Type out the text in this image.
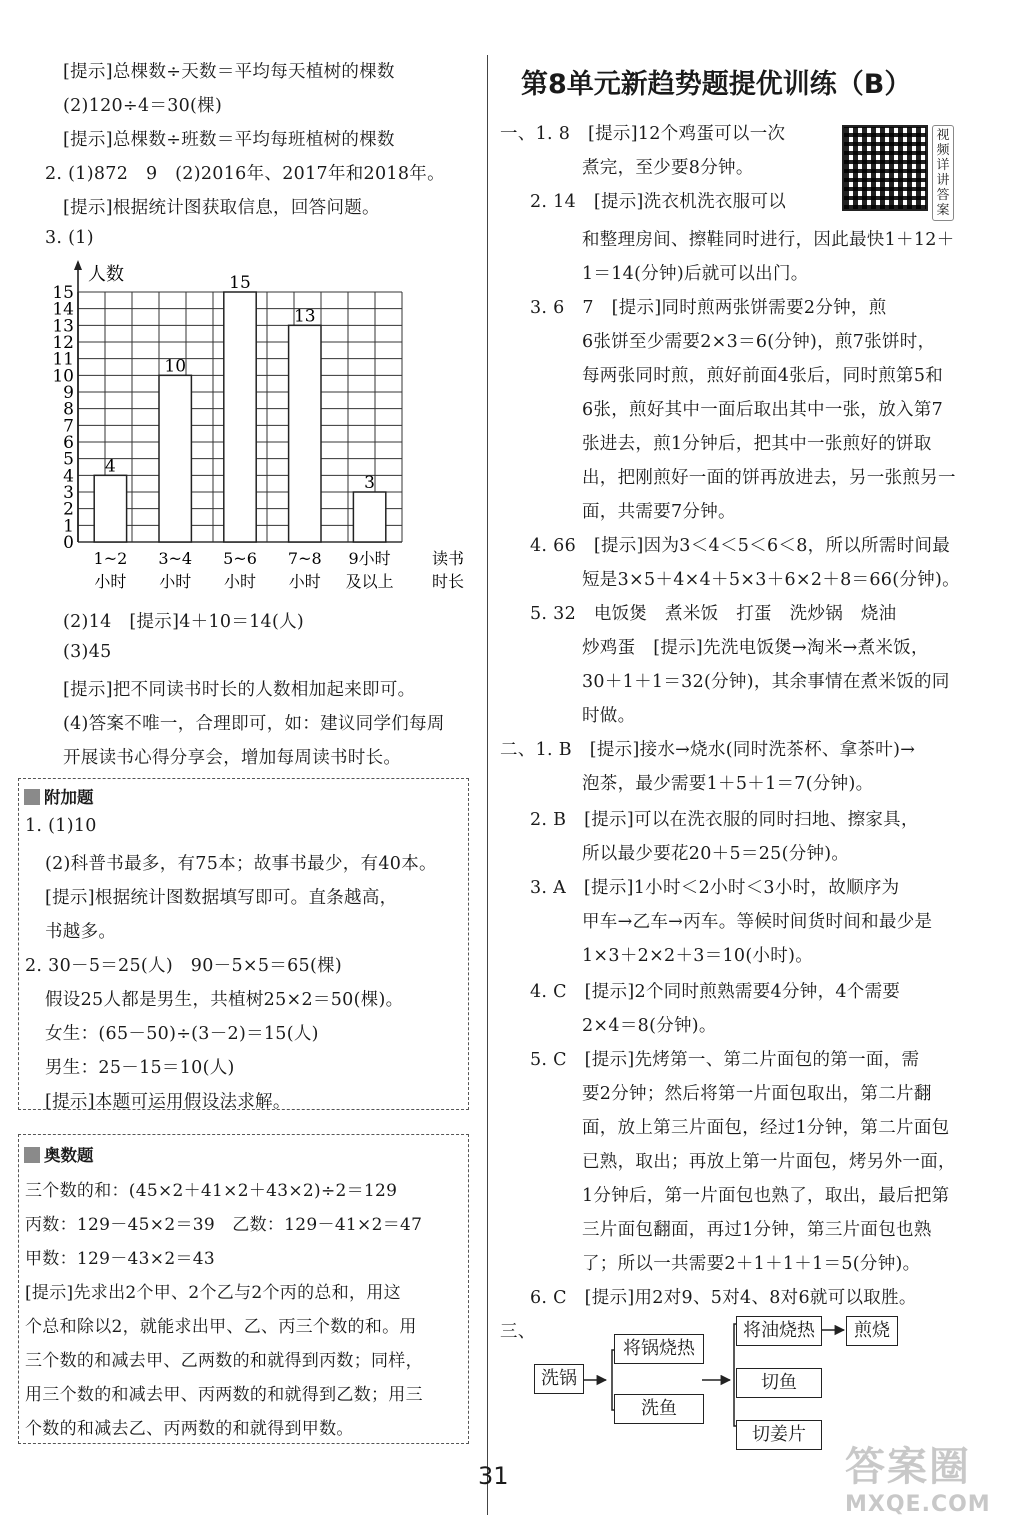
[提示]总棵数÷天数＝平均每天植树的棵数
(2)120÷4＝30(棵)
[提示]总棵数÷班数＝平均每班植树的棵数
2. (1)872　9　(2)2016年、2017年和2018年。
[提示]根据统计图获取信息，回答问题。
3. (1)
0
1
2
3
4
5
6
7
8
9
10
11
12
13
14
15
人数
4
1~2
小时
10
3~4
小时
15
5~6
小时
13
7~8
小时
3
9小时
及以上
读书
时长
(2)14　[提示]4＋10＝14(人)
(3)45
[提示]把不同读书时长的人数相加起来即可。
(4)答案不唯一，合理即可，如：建议同学们每周
开展读书心得分享会，增加每周读书时长。
附加题
1. (1)10
(2)科普书最多，有75本；故事书最少，有40本。
[提示]根据统计图数据填写即可。直条越高，
书越多。
2. 30－5＝25(人)　90－5×5＝65(棵)
假设25人都是男生，共植树25×2＝50(棵)。
女生：(65－50)÷(3－2)＝15(人)
男生：25－15＝10(人)
[提示]本题可运用假设法求解。
奥数题
三个数的和：(45×2＋41×2＋43×2)÷2＝129
丙数：129－45×2＝39　乙数：129－41×2＝47
甲数：129－43×2＝43
[提示]先求出2个甲、2个乙与2个丙的总和，用这
个总和除以2，就能求出甲、乙、丙三个数的和。用
三个数的和减去甲、乙两数的和就得到丙数；同样，
用三个数的和减去甲、丙两数的和就得到乙数；用三
个数的和减去乙、丙两数的和就得到甲数。
第8单元新趋势题提优训练（B）
视频详讲答案
一、1. 8　[提示]12个鸡蛋可以一次
煮完，至少要8分钟。
2. 14　[提示]洗衣机洗衣服可以
和整理房间、擦鞋同时进行，因此最快1＋12＋
1＝14(分钟)后就可以出门。
3. 6　7　[提示]同时煎两张饼需要2分钟，煎
6张饼至少需要2×3＝6(分钟)，煎7张饼时，
每两张同时煎，煎好前面4张后，同时煎第5和
6张，煎好其中一面后取出其中一张，放入第7
张进去，煎1分钟后，把其中一张煎好的饼取
出，把刚煎好一面的饼再放进去，另一张煎另一
面，共需要7分钟。
4. 66　[提示]因为3＜4＜5＜6＜8，所以所需时间最
短是3×5＋4×4＋5×3＋6×2＋8＝66(分钟)。
5. 32　电饭煲　煮米饭　打蛋　洗炒锅　烧油
炒鸡蛋　[提示]先洗电饭煲→淘米→煮米饭，
30＋1＋1＝32(分钟)，其余事情在煮米饭的同
时做。
二、1. B　[提示]接水→烧水(同时洗茶杯、拿茶叶)→
泡茶，最少需要1＋5＋1＝7(分钟)。
2. B　[提示]可以在洗衣服的同时扫地、擦家具，
所以最少要花20＋5＝25(分钟)。
3. A　[提示]1小时＜2小时＜3小时，故顺序为
甲车→乙车→丙车。等候时间货时间和最少是
1×3＋2×2＋3＝10(小时)。
4. C　[提示]2个同时煎熟需要4分钟，4个需要
2×4＝8(分钟)。
5. C　[提示]先烤第一、第二片面包的第一面，需
要2分钟；然后将第一片面包取出，第二片翻
面，放上第三片面包，经过1分钟，第二片面包
已熟，取出；再放上第一片面包，烤另外一面，
1分钟后，第一片面包也熟了，取出，最后把第
三片面包翻面，再过1分钟，第三片面包也熟
了；所以一共需要2＋1＋1＋1＝5(分钟)。
6. C　[提示]用2对9、5对4、8对6就可以取胜。
三、
洗锅
将锅烧热
洗鱼
将油烧热
切鱼
切姜片
煎烧
31	答案圈
MXQE.COM
